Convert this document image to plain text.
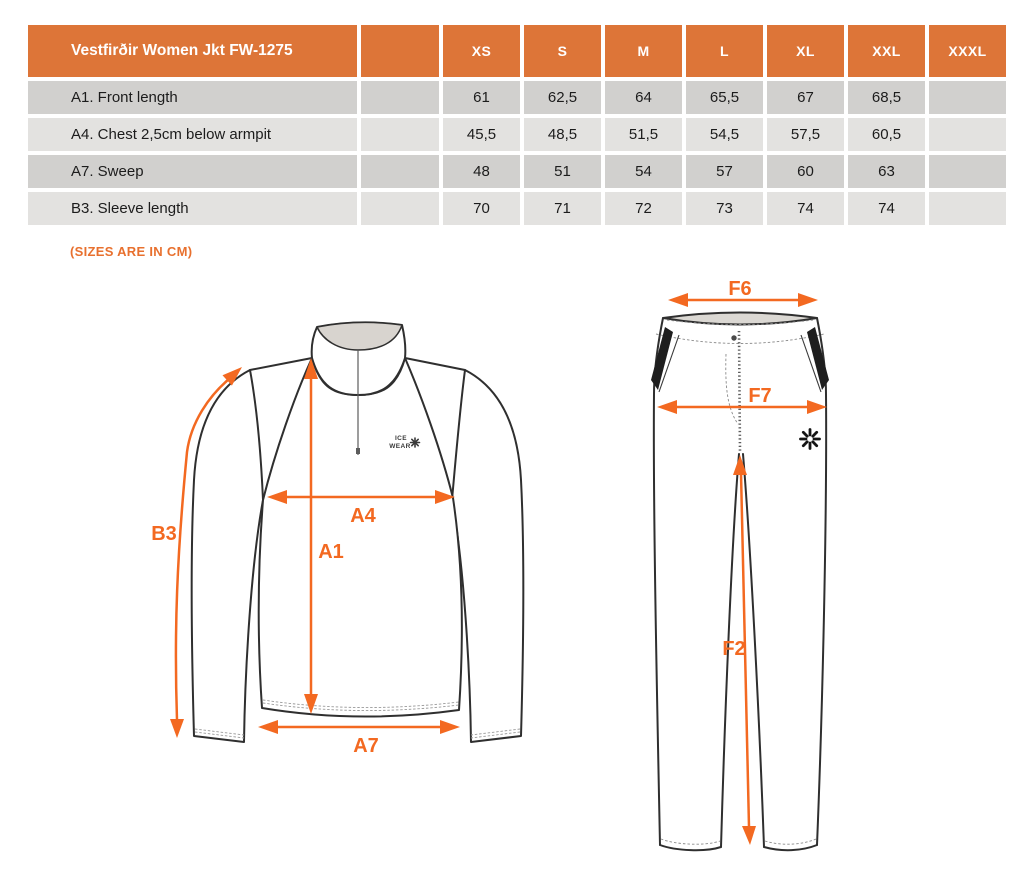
Vestfirðir Women Jkt FW-1275	XS	S	M	L	XL	XXL	XXXL
A1. Front length	61	62,5	64	65,5	67	68,5
A4. Chest 2,5cm below armpit	45,5	48,5	51,5	54,5	57,5	60,5
A7. Sweep	48	51	54	57	60	63
B3. Sleeve length	70	71	72	73	74	74
(SIZES ARE IN CM)
ICE
WEAR
A4
A1
A7
B3
F6
F7
F2
